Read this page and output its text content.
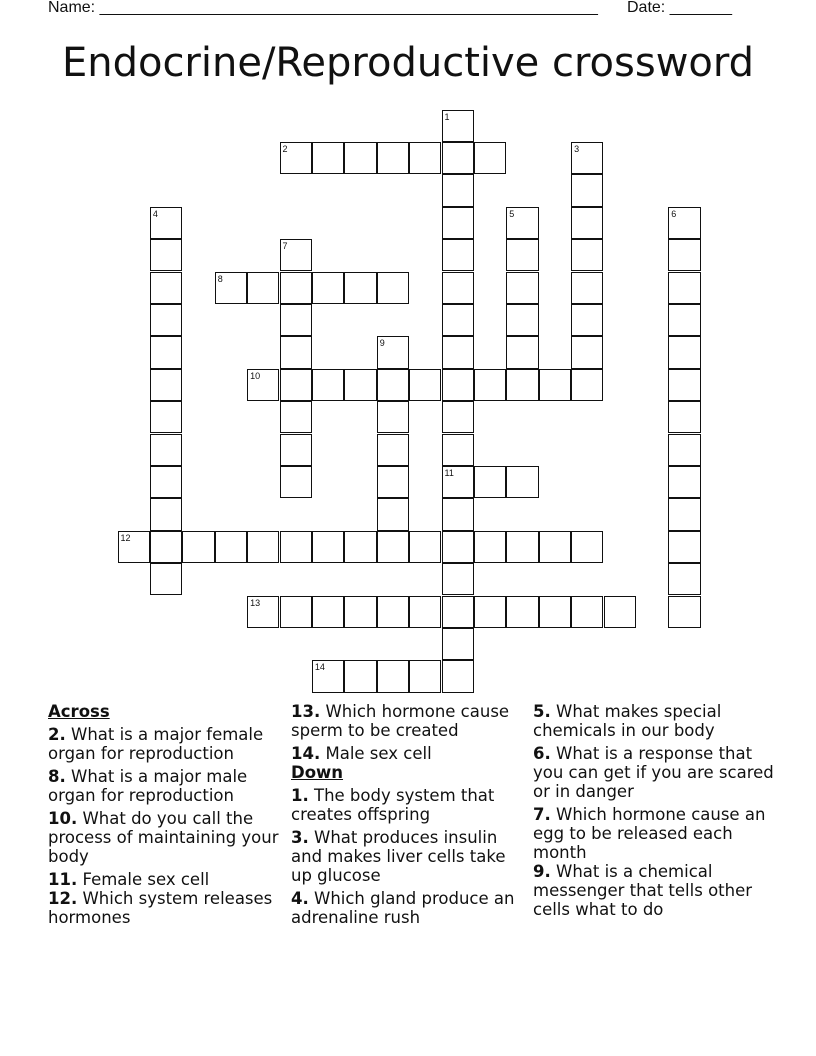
Name: ________________________________________________________ Date: _______
Endocrine/Reproductive crossword
1
11
2	3
4	5	6
7
8
9
10
12
13
14
Across
2. What is a major female organ for reproduction
8. What is a major male organ for reproduction
10. What do you call the process of maintaining your body
11. Female sex cell
12. Which system releases hormones
13. Which hormone cause sperm to be created
14. Male sex cell
Down
1. The body system that creates offspring
3. What produces insulin and makes liver cells take up glucose
4. Which gland produce an adrenaline rush
5. What makes special chemicals in our body
6. What is a response that you can get if you are scared or in danger
7. Which hormone cause an egg to be released each month
9. What is a chemical messenger that tells other cells what to do
